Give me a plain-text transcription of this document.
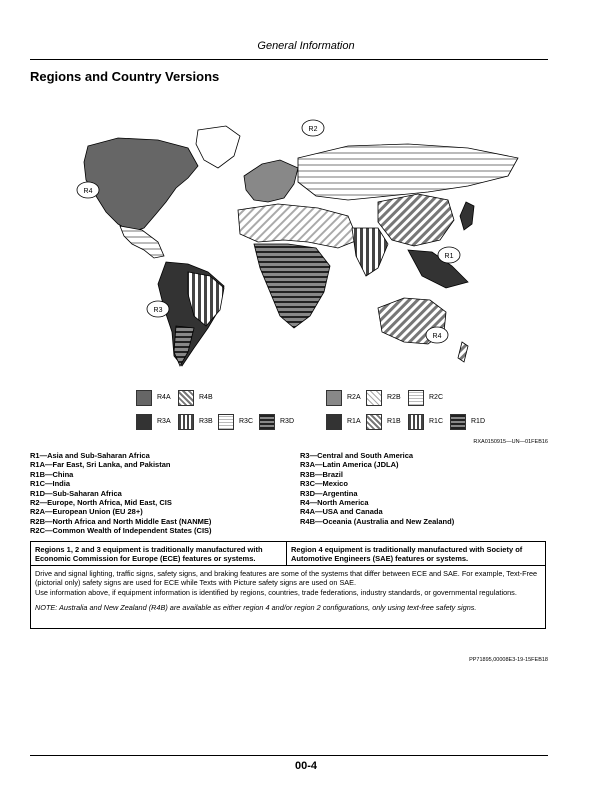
General Information
Regions and Country Versions
R2
R4
R1
R3
R4
R4A	R4B
R3A	R3B	R3C	R3D
R2A	R2B	R2C
R1A	R1B	R1C	R1D
RXA0150915—UN—01FEB16
R1—Asia and Sub-Saharan Africa
R1A—Far East, Sri Lanka, and Pakistan
R1B—China
R1C—India
R1D—Sub-Saharan Africa
R2—Europe, North Africa, Mid East, CIS
R2A—European Union (EU 28+)
R2B—North Africa and North Middle East (NANME)
R2C—Common Wealth of Independent States (CIS)
R3—Central and South America
R3A—Latin America (JDLA)
R3B—Brazil
R3C—Mexico
R3D—Argentina
R4—North America
R4A—USA and Canada
R4B—Oceania (Australia and New Zealand)
Regions 1, 2 and 3 equipment is traditionally manufactured with Economic Commission for Europe (ECE) features or systems.
Region 4 equipment is traditionally manufactured with Society of Automotive Engineers (SAE) features or systems.
Drive and signal lighting, traffic signs, safety signs, and braking features are some of the systems that differ between ECE and SAE. For example, Text-Free (pictorial only) safety signs are used for ECE while Texts with Picture safety signs are used on SAE.
Use information above, if equipment information is identified by regions, countries, trade federations, industry standards, or governmental regulations.
NOTE: Australia and New Zealand (R4B) are available as either region 4 and/or region 2 configurations, only using text-free safety signs.
PP71895,00008E3-19-15FEB18
00-4
